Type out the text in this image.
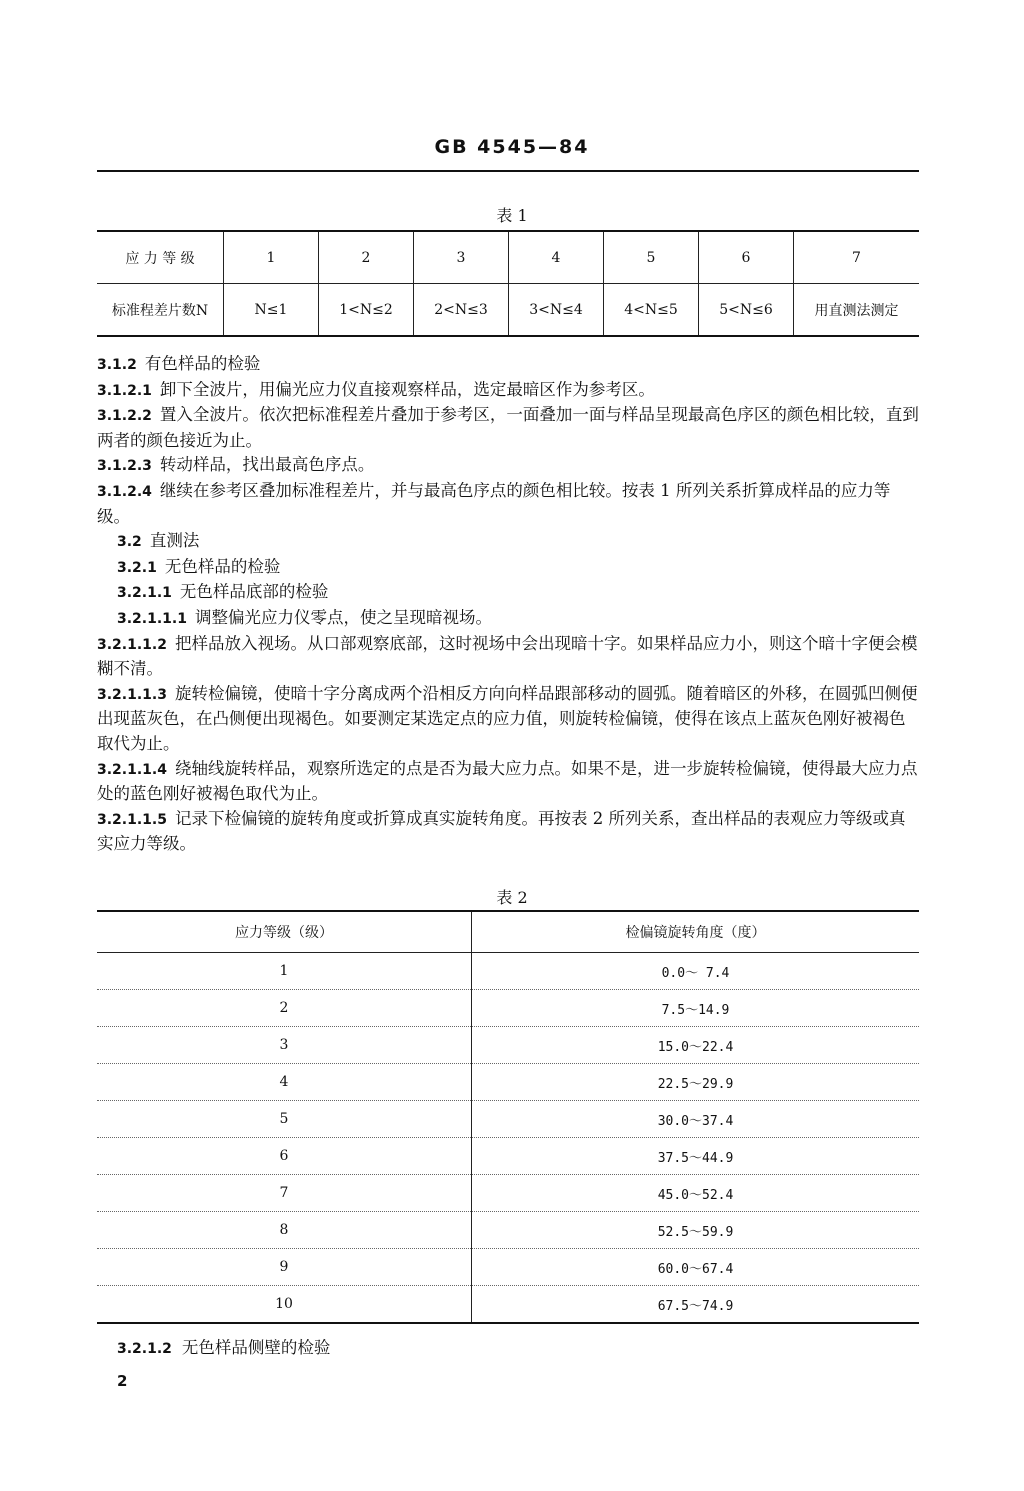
GB 4545—84
表 1
应 力 等 级	1	2	3	4	5	6	7
标准程差片数N	N≤1	1<N≤2	2<N≤3	3<N≤4	4<N≤5	5<N≤6	用直测法测定

3.1.2 有色样品的检验

3.1.2.1 卸下全波片，用偏光应力仪直接观察样品，选定最暗区作为参考区。

3.1.2.2 置入全波片。依次把标准程差片叠加于参考区，一面叠加一面与样品呈现最高色序区的颜色相比较，直到两者的颜色接近为止。

3.1.2.3 转动样品，找出最高色序点。

3.1.2.4 继续在参考区叠加标准程差片，并与最高色序点的颜色相比较。按表 1 所列关系折算成样品的应力等级。

3.2 直测法

3.2.1 无色样品的检验

3.2.1.1 无色样品底部的检验

3.2.1.1.1 调整偏光应力仪零点，使之呈现暗视场。

3.2.1.1.2 把样品放入视场。从口部观察底部，这时视场中会出现暗十字。如果样品应力小，则这个暗十字便会模糊不清。

3.2.1.1.3 旋转检偏镜，使暗十字分离成两个沿相反方向向样品跟部移动的圆弧。随着暗区的外移，在圆弧凹侧便出现蓝灰色，在凸侧便出现褐色。如要测定某选定点的应力值，则旋转检偏镜，使得在该点上蓝灰色刚好被褐色取代为止。

3.2.1.1.4 绕轴线旋转样品，观察所选定的点是否为最大应力点。如果不是，进一步旋转检偏镜，使得最大应力点处的蓝色刚好被褐色取代为止。

3.2.1.1.5 记录下检偏镜的旋转角度或折算成真实旋转角度。再按表 2 所列关系，查出样品的表观应力等级或真实应力等级。

表 2
应力等级（级）	检偏镜旋转角度（度）
1	0.0～ 7.4
2	7.5～14.9
3	15.0～22.4
4	22.5～29.9
5	30.0～37.4
6	37.5～44.9
7	45.0～52.4
8	52.5～59.9
9	60.0～67.4
10	67.5～74.9
3.2.1.2 无色样品侧壁的检验
2
